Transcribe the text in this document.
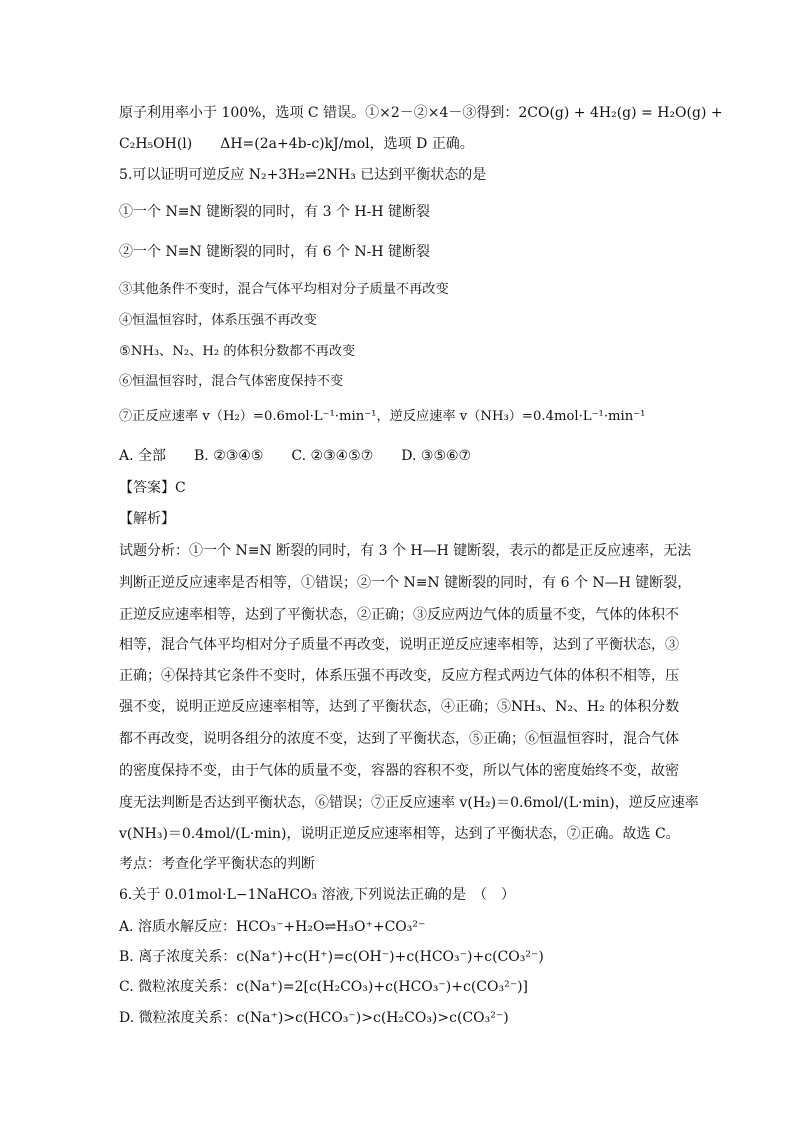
原子利用率小于 100%，选项 C 错误。①×2－②×4－③得到：2CO(g) + 4H₂(g) = H₂O(g) +
C₂H₅OH(l)　　ΔH=(2a+4b-c)kJ/mol，选项 D 正确。
5.可以证明可逆反应 N₂+3H₂⇌2NH₃ 已达到平衡状态的是
①一个 N≡N 键断裂的同时，有 3 个 H-H 键断裂
②一个 N≡N 键断裂的同时，有 6 个 N-H 键断裂
③其他条件不变时，混合气体平均相对分子质量不再改变
④恒温恒容时，体系压强不再改变
⑤NH₃、N₂、H₂ 的体积分数都不再改变
⑥恒温恒容时，混合气体密度保持不变
⑦正反应速率 v（H₂）=0.6mol·L⁻¹·min⁻¹，逆反应速率 v（NH₃）=0.4mol·L⁻¹·min⁻¹
A. 全部　　B. ②③④⑤　　C. ②③④⑤⑦　　D. ③⑤⑥⑦
【答案】C
【解析】
试题分析：①一个 N≡N 断裂的同时，有 3 个 H—H 键断裂，表示的都是正反应速率，无法
判断正逆反应速率是否相等，①错误；②一个 N≡N 键断裂的同时，有 6 个 N—H 键断裂，
正逆反应速率相等，达到了平衡状态，②正确；③反应两边气体的质量不变，气体的体积不
相等，混合气体平均相对分子质量不再改变，说明正逆反应速率相等，达到了平衡状态，③
正确；④保持其它条件不变时，体系压强不再改变，反应方程式两边气体的体积不相等，压
强不变，说明正逆反应速率相等，达到了平衡状态，④正确；⑤NH₃、N₂、H₂ 的体积分数
都不再改变，说明各组分的浓度不变，达到了平衡状态，⑤正确；⑥恒温恒容时，混合气体
的密度保持不变，由于气体的质量不变，容器的容积不变，所以气体的密度始终不变，故密
度无法判断是否达到平衡状态，⑥错误；⑦正反应速率 v(H₂)＝0.6mol/(L·min)，逆反应速率
v(NH₃)＝0.4mol/(L·min)，说明正逆反应速率相等，达到了平衡状态，⑦正确。故选 C。
考点：考查化学平衡状态的判断
6.关于 0.01mol·L−1NaHCO₃ 溶液,下列说法正确的是　（　）
A. 溶质水解反应：HCO₃⁻+H₂O⇌H₃O⁺+CO₃²⁻
B. 离子浓度关系：c(Na⁺)+c(H⁺)=c(OH⁻)+c(HCO₃⁻)+c(CO₃²⁻)
C. 微粒浓度关系：c(Na⁺)=2[c(H₂CO₃)+c(HCO₃⁻)+c(CO₃²⁻)]
D. 微粒浓度关系：c(Na⁺)>c(HCO₃⁻)>c(H₂CO₃)>c(CO₃²⁻)
